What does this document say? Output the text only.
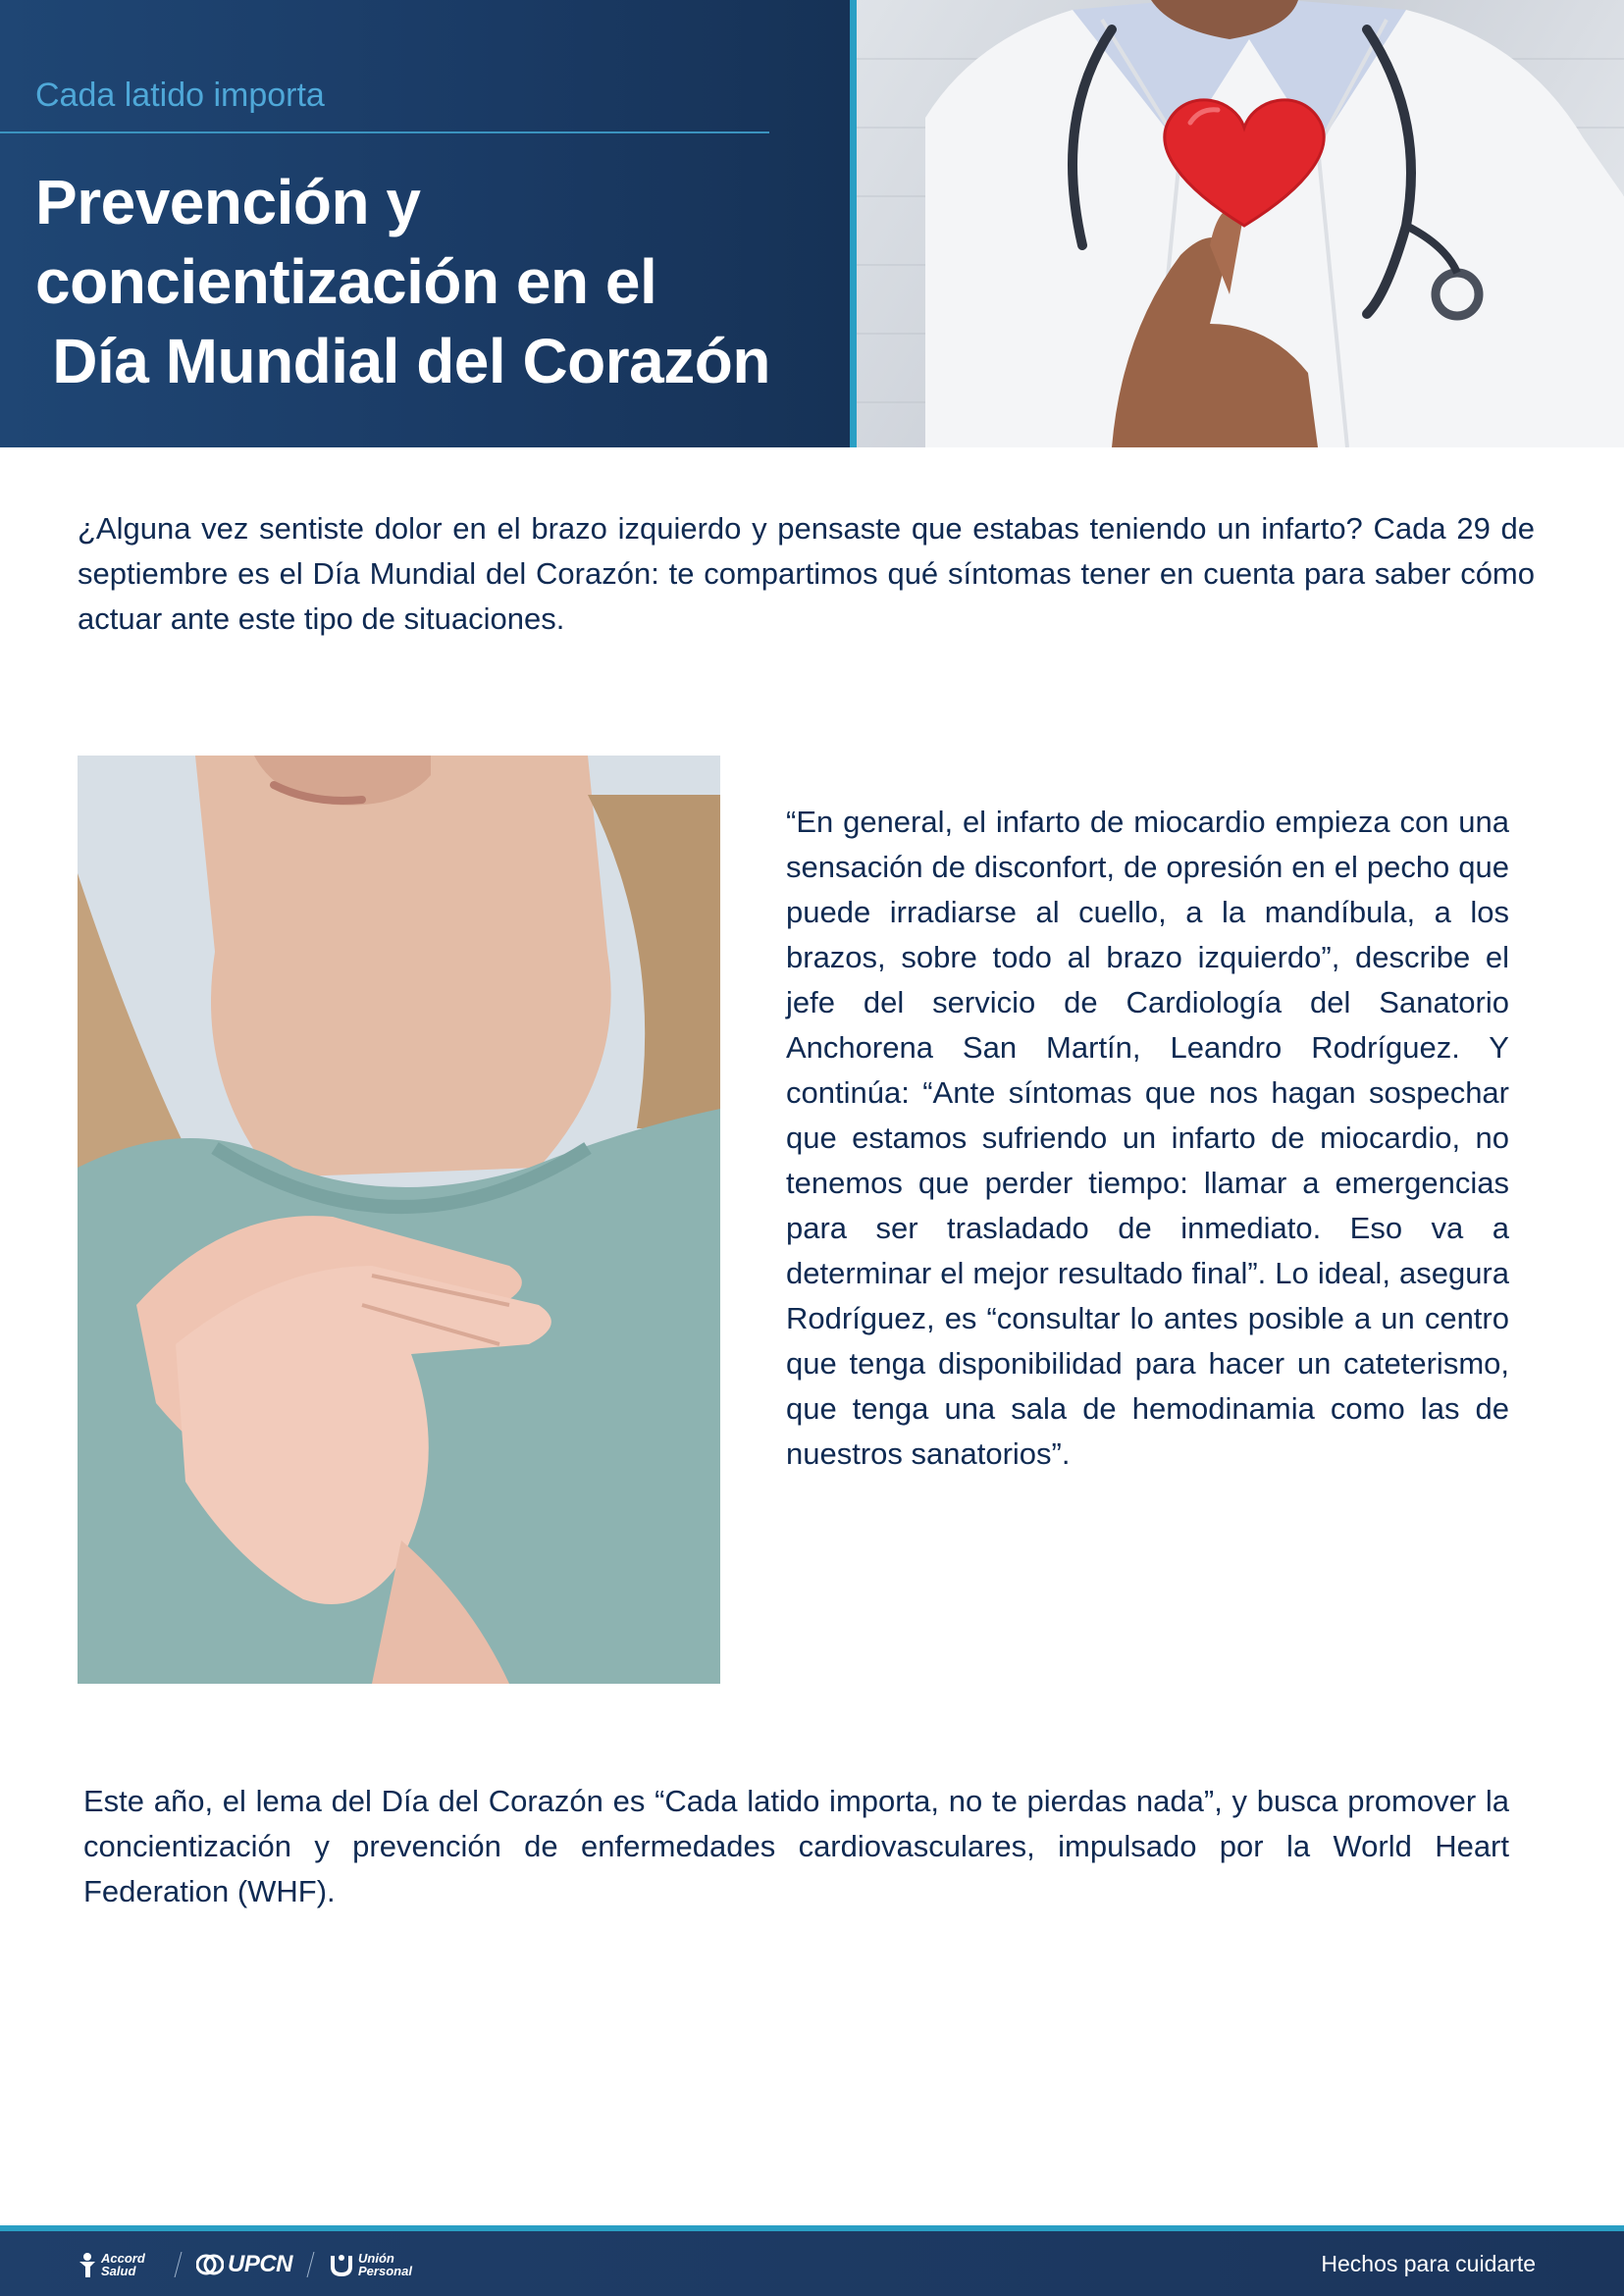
Cada latido importa
Prevención y
concientización en el
Día Mundial del Corazón

¿Alguna vez sentiste dolor en el brazo izquierdo y pensaste que estabas teniendo un infarto? Cada 29 de septiembre es el Día Mundial del Corazón: te compartimos qué síntomas tener en cuenta para saber cómo actuar ante este tipo de situaciones.

“En general, el infarto de miocardio empieza con una sensación de disconfort, de opresión en el pecho que puede irradiarse al cuello, a la mandíbula, a los brazos, sobre todo al brazo izquierdo”, describe el jefe del servicio de Cardiología del Sanatorio Anchorena San Martín, Leandro Rodríguez. Y continúa: “Ante síntomas que nos hagan sospechar que estamos sufriendo un infarto de miocardio, no tenemos que perder tiempo: llamar a emergencias para ser trasladado de inmediato. Eso va a determinar el mejor resultado final”. Lo ideal, asegura Rodríguez, es “consultar lo antes posible a un centro que tenga disponibilidad para hacer un cateterismo, que tenga una sala de hemodinamia como las de nuestros sanatorios”.

Este año, el lema del Día del Corazón es “Cada latido importa, no te pierdas nada”, y busca promover la concientización y prevención de enfermedades cardiovasculares, impulsado por la World Heart Federation (WHF).

Accord
Salud	UPCN	Unión
Personal	Hechos para cuidarte
